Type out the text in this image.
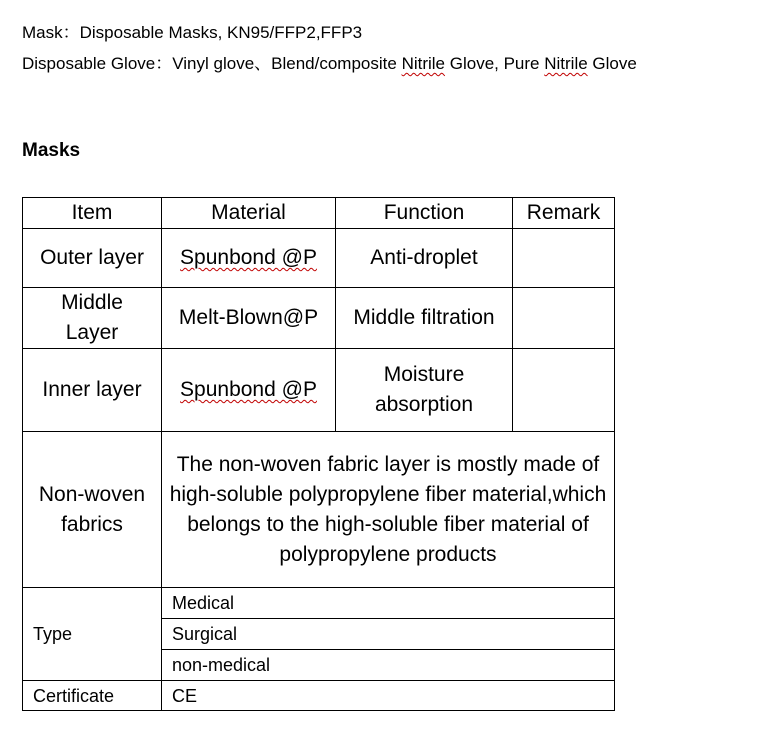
Mask：Disposable Masks, KN95/FFP2,FFP3
Disposable Glove：Vinyl glove、Blend/composite Nitrile Glove, Pure Nitrile Glove
Masks
Item	Material	Function	Remark
Outer layer	Spunbond @P	Anti-droplet	
Middle Layer	Melt-Blown@P	Middle filtration	
Inner layer	Spunbond @P	Moisture absorption	
Non-woven fabrics	The non-woven fabric layer is mostly made of high-soluble polypropylene fiber material,which belongs to the high-soluble fiber material of polypropylene products		
Type	Medical		
	Surgical		
	non-medical		
Certificate	CE		
